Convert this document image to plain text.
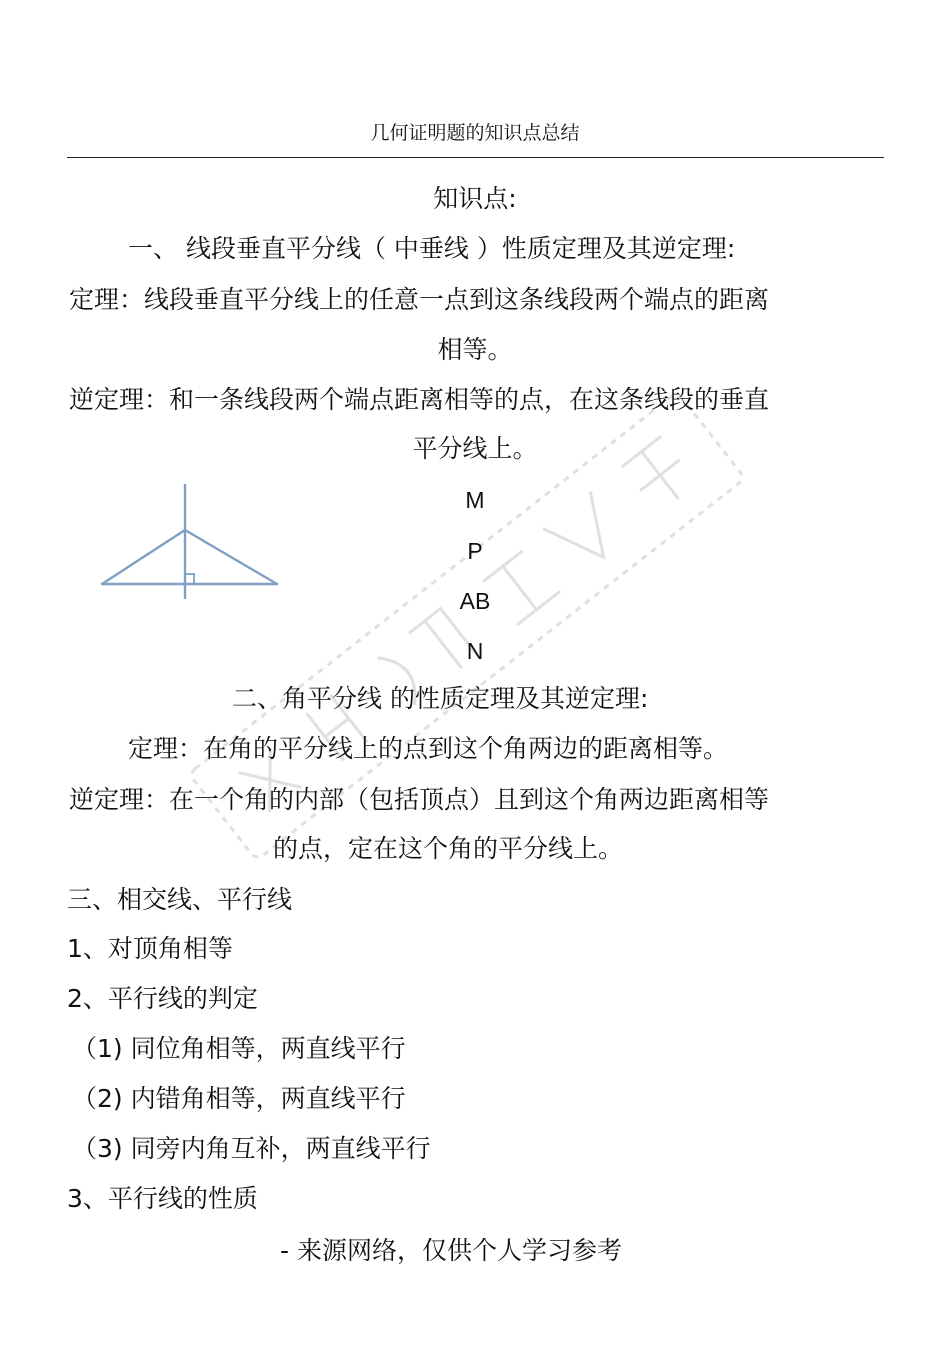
几何证明题的知识点总结
知识点:
一、 线段垂直平分线（ 中垂线 ）性质定理及其逆定理:
定理：线段垂直平分线上的任意一点到这条线段两个端点的距离
相等。
逆定理：和一条线段两个端点距离相等的点，在这条线段的垂直
平分线上。
M
P
AB
N
二、角平分线 的性质定理及其逆定理:
定理：在角的平分线上的点到这个角两边的距离相等。
逆定理：在一个角的内部（包括顶点）且到这个角两边距离相等
的点，定在这个角的平分线上。
三、相交线、平行线
1、对顶角相等
2、平行线的判定
（1) 同位角相等，两直线平行
（2) 内错角相等，两直线平行
（3) 同旁内角互补，两直线平行
3、平行线的性质
- 来源网络，仅供个人学习参考
